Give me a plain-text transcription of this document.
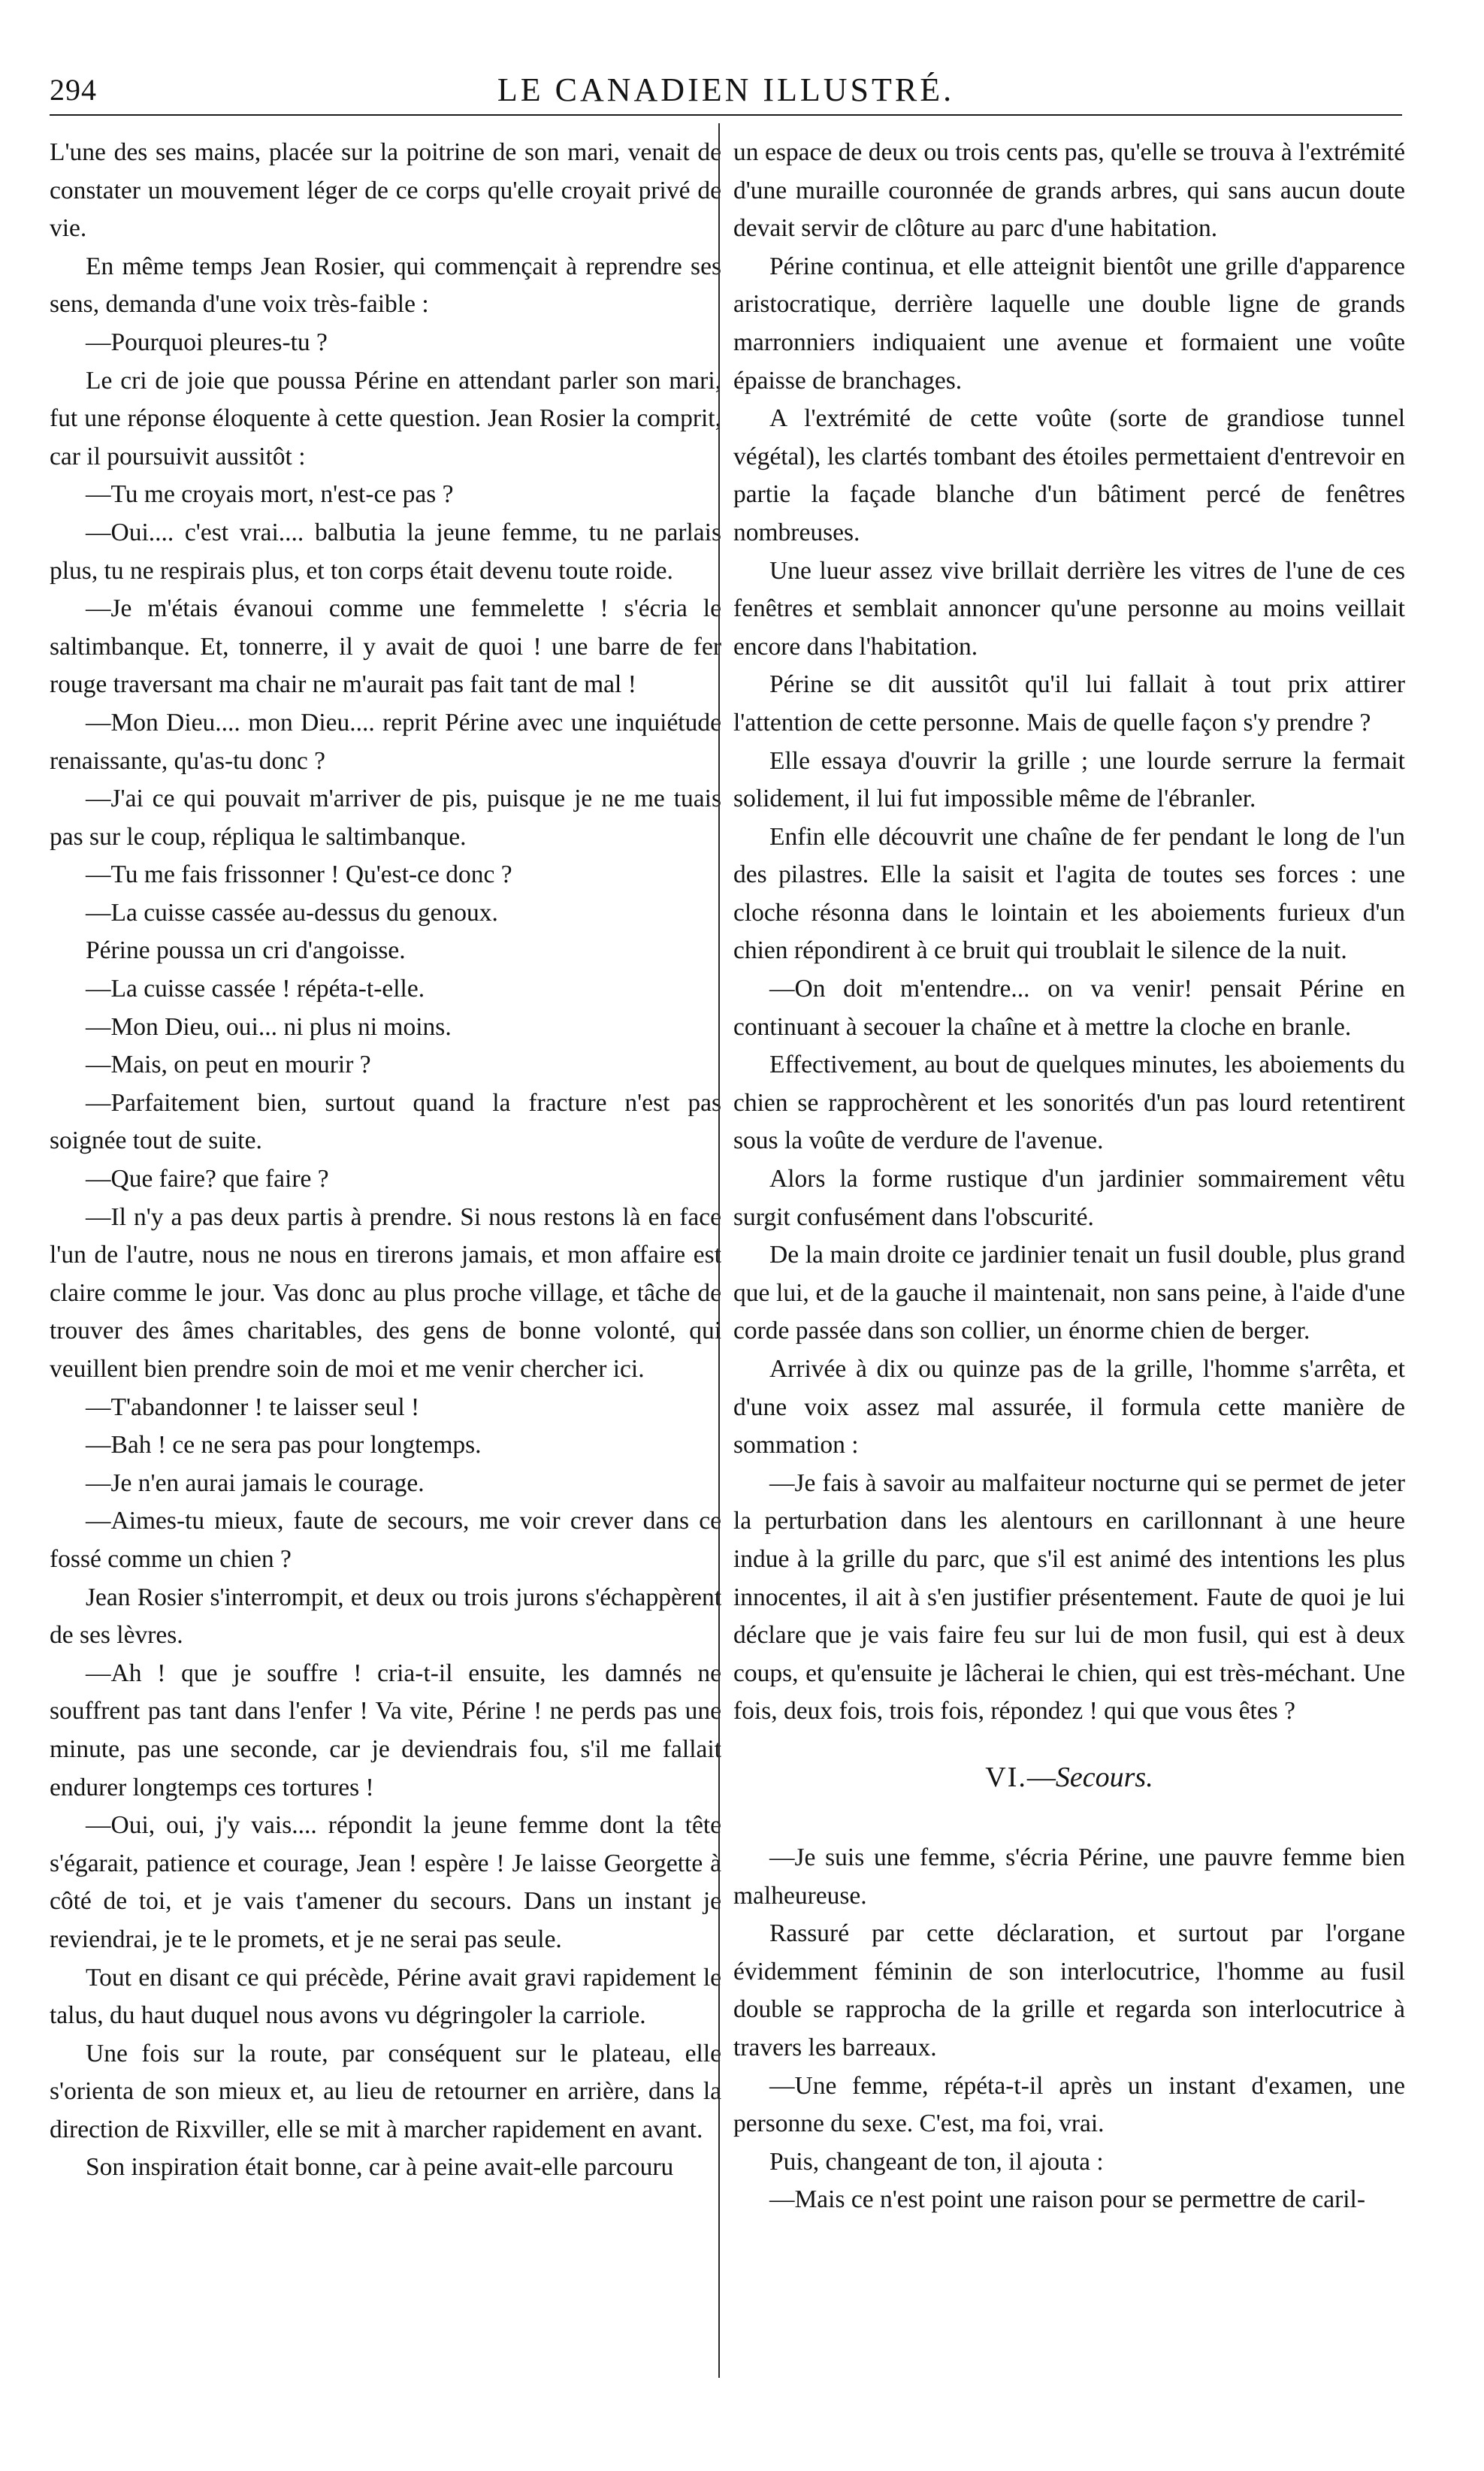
294	LE CANADIEN ILLUSTRÉ.

L'une des ses mains, placée sur la poitrine de son mari, venait de constater un mouvement léger de ce corps qu'elle croyait privé de vie.

En même temps Jean Rosier, qui commençait à reprendre ses sens, demanda d'une voix très-faible :

—Pourquoi pleures-tu ?

Le cri de joie que poussa Périne en attendant parler son mari, fut une réponse éloquente à cette question. Jean Rosier la comprit, car il poursuivit aussitôt :

—Tu me croyais mort, n'est-ce pas ?

—Oui.... c'est vrai.... balbutia la jeune femme, tu ne parlais plus, tu ne respirais plus, et ton corps était devenu toute roide.

—Je m'étais évanoui comme une femmelette ! s'écria le saltimbanque. Et, tonnerre, il y avait de quoi ! une barre de fer rouge traversant ma chair ne m'aurait pas fait tant de mal !

—Mon Dieu.... mon Dieu.... reprit Périne avec une inquiétude renaissante, qu'as-tu donc ?

—J'ai ce qui pouvait m'arriver de pis, puisque je ne me tuais pas sur le coup, répliqua le saltimbanque.

—Tu me fais frissonner ! Qu'est-ce donc ?

—La cuisse cassée au-dessus du genoux.

Périne poussa un cri d'angoisse.

—La cuisse cassée ! répéta-t-elle.

—Mon Dieu, oui... ni plus ni moins.

—Mais, on peut en mourir ?

—Parfaitement bien, surtout quand la fracture n'est pas soignée tout de suite.

—Que faire? que faire ?

—Il n'y a pas deux partis à prendre. Si nous restons là en face l'un de l'autre, nous ne nous en tirerons jamais, et mon affaire est claire comme le jour. Vas donc au plus proche village, et tâche de trouver des âmes charitables, des gens de bonne volonté, qui veuillent bien prendre soin de moi et me venir chercher ici.

—T'abandonner ! te laisser seul !

—Bah ! ce ne sera pas pour longtemps.

—Je n'en aurai jamais le courage.

—Aimes-tu mieux, faute de secours, me voir crever dans ce fossé comme un chien ?

Jean Rosier s'interrompit, et deux ou trois jurons s'échappèrent de ses lèvres.

—Ah ! que je souffre ! cria-t-il ensuite, les damnés ne souffrent pas tant dans l'enfer ! Va vite, Périne ! ne perds pas une minute, pas une seconde, car je deviendrais fou, s'il me fallait endurer longtemps ces tortures !

—Oui, oui, j'y vais.... répondit la jeune femme dont la tête s'égarait, patience et courage, Jean ! espère ! Je laisse Georgette à côté de toi, et je vais t'amener du secours. Dans un instant je reviendrai, je te le promets, et je ne serai pas seule.

Tout en disant ce qui précède, Périne avait gravi rapidement le talus, du haut duquel nous avons vu dégringoler la carriole.

Une fois sur la route, par conséquent sur le plateau, elle s'orienta de son mieux et, au lieu de retourner en arrière, dans la direction de Rixviller, elle se mit à marcher rapidement en avant.

Son inspiration était bonne, car à peine avait-elle parcouru

un espace de deux ou trois cents pas, qu'elle se trouva à l'extrémité d'une muraille couronnée de grands arbres, qui sans aucun doute devait servir de clôture au parc d'une habitation.

Périne continua, et elle atteignit bientôt une grille d'apparence aristocratique, derrière laquelle une double ligne de grands marronniers indiquaient une avenue et formaient une voûte épaisse de branchages.

A l'extrémité de cette voûte (sorte de grandiose tunnel végétal), les clartés tombant des étoiles permettaient d'entrevoir en partie la façade blanche d'un bâtiment percé de fenêtres nombreuses.

Une lueur assez vive brillait derrière les vitres de l'une de ces fenêtres et semblait annoncer qu'une personne au moins veillait encore dans l'habitation.

Périne se dit aussitôt qu'il lui fallait à tout prix attirer l'attention de cette personne. Mais de quelle façon s'y prendre ?

Elle essaya d'ouvrir la grille ; une lourde serrure la fermait solidement, il lui fut impossible même de l'ébranler.

Enfin elle découvrit une chaîne de fer pendant le long de l'un des pilastres. Elle la saisit et l'agita de toutes ses forces : une cloche résonna dans le lointain et les aboiements furieux d'un chien répondirent à ce bruit qui troublait le silence de la nuit.

—On doit m'entendre... on va venir! pensait Périne en continuant à secouer la chaîne et à mettre la cloche en branle.

Effectivement, au bout de quelques minutes, les aboiements du chien se rapprochèrent et les sonorités d'un pas lourd retentirent sous la voûte de verdure de l'avenue.

Alors la forme rustique d'un jardinier sommairement vêtu surgit confusément dans l'obscurité.

De la main droite ce jardinier tenait un fusil double, plus grand que lui, et de la gauche il maintenait, non sans peine, à l'aide d'une corde passée dans son collier, un énorme chien de berger.

Arrivée à dix ou quinze pas de la grille, l'homme s'arrêta, et d'une voix assez mal assurée, il formula cette manière de sommation :

—Je fais à savoir au malfaiteur nocturne qui se permet de jeter la perturbation dans les alentours en carillonnant à une heure indue à la grille du parc, que s'il est animé des intentions les plus innocentes, il ait à s'en justifier présentement. Faute de quoi je lui déclare que je vais faire feu sur lui de mon fusil, qui est à deux coups, et qu'ensuite je lâcherai le chien, qui est très-méchant. Une fois, deux fois, trois fois, répondez ! qui que vous êtes ?

VI.—Secours.

—Je suis une femme, s'écria Périne, une pauvre femme bien malheureuse.

Rassuré par cette déclaration, et surtout par l'organe évidemment féminin de son interlocutrice, l'homme au fusil double se rapprocha de la grille et regarda son interlocutrice à travers les barreaux.

—Une femme, répéta-t-il après un instant d'examen, une personne du sexe. C'est, ma foi, vrai.

Puis, changeant de ton, il ajouta :

—Mais ce n'est point une raison pour se permettre de caril-
